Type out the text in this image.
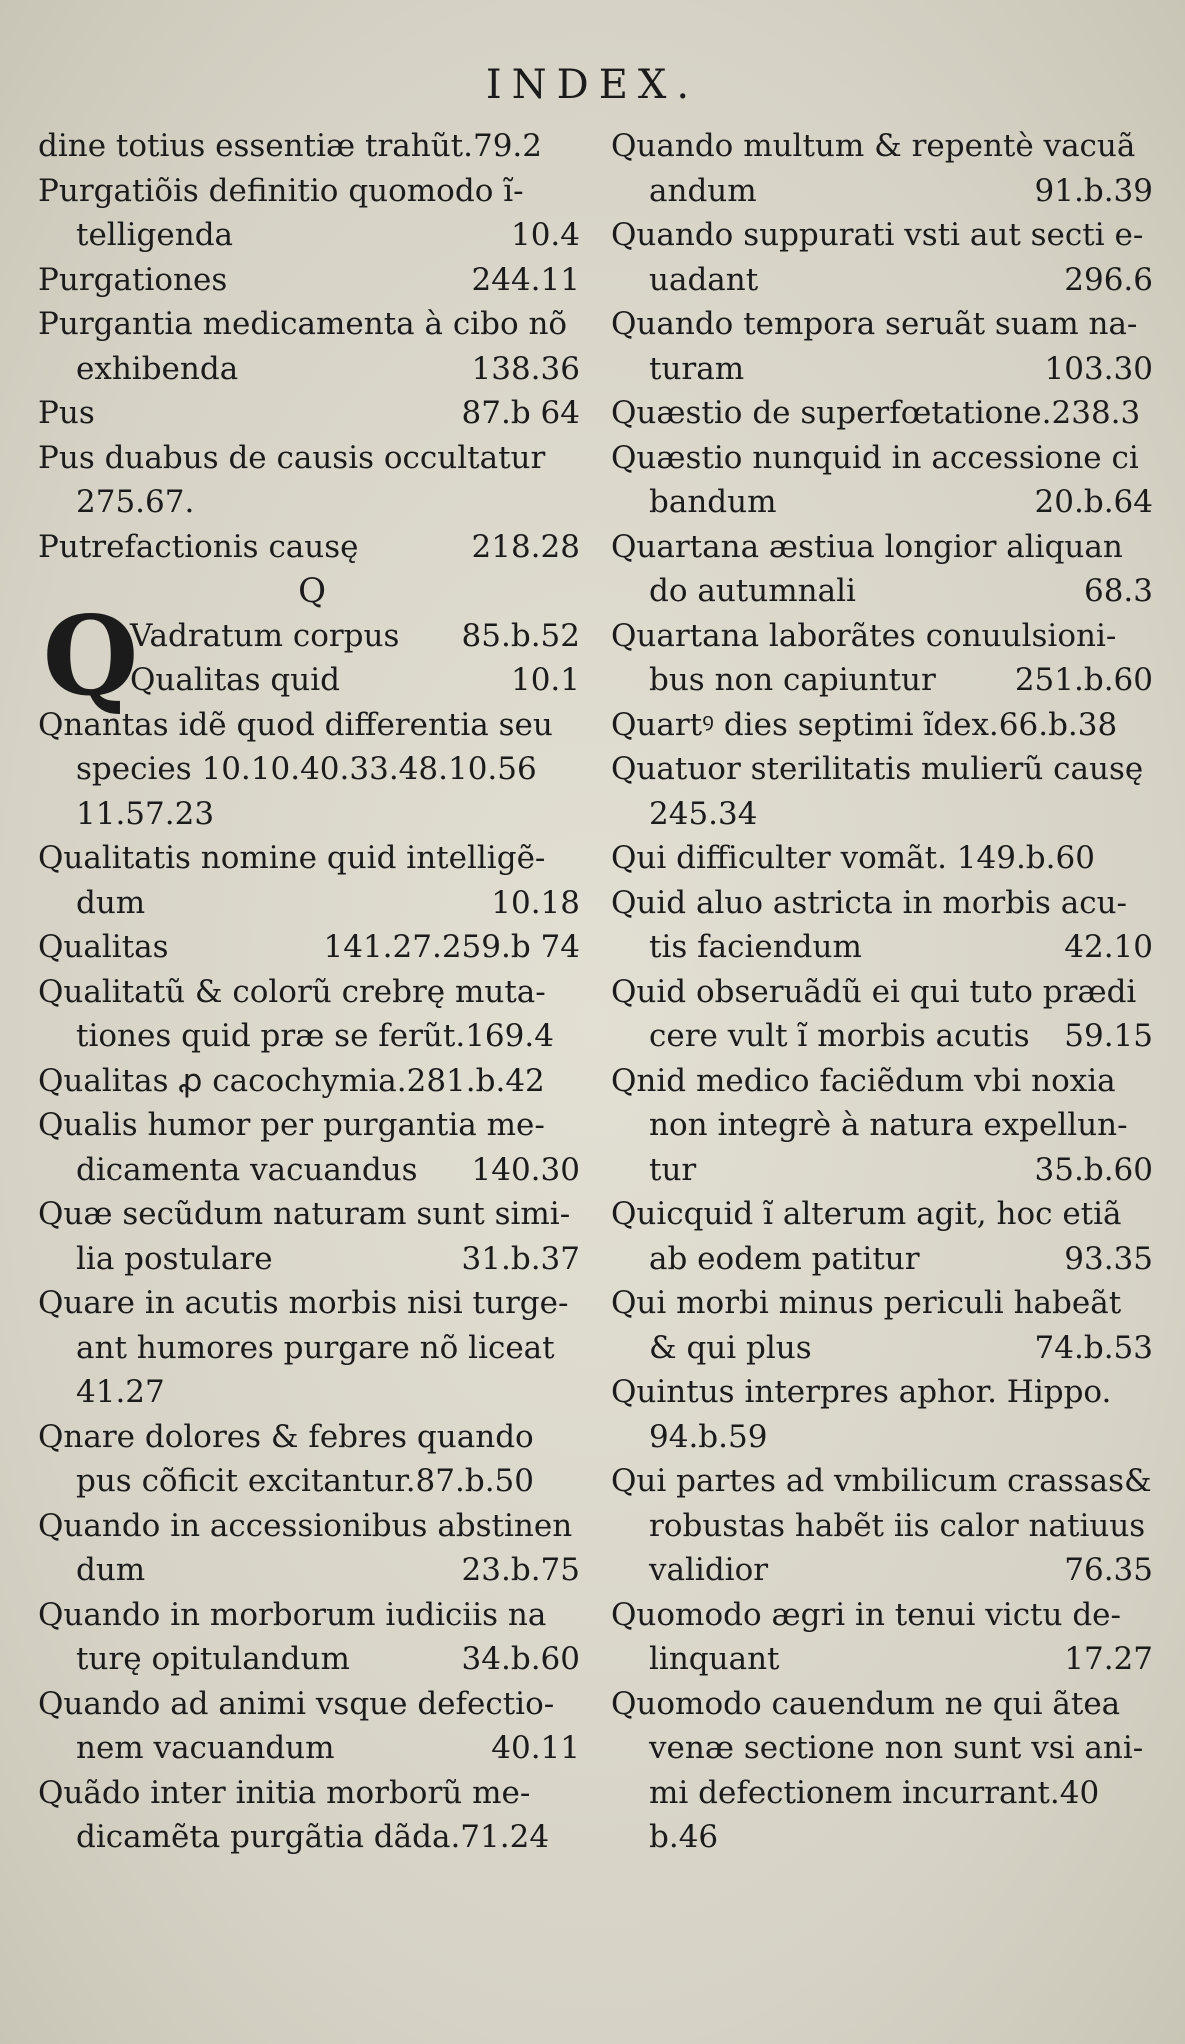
INDEX.
dine totius essentiæ trahũt.79.2
Purgatiõis definitio quomodo ĩ-
telligenda	10.4
Purgationes	244.11
Purgantia medicamenta à cibo nõ
exhibenda	138.36
Pus	87.b 64
Pus duabus de causis occultatur
275.67.
Putrefactionis causę	218.28
Q
Q
Vadratum corpus 85.b.52
Qualitas quid	10.1
Qnantas idẽ quod differentia seu
species 10.10.40.33.48.10.56
11.57.23
Qualitatis nomine quid intelligẽ-
dum	10.18
Qualitas	141.27.259.b 74
Qualitatũ & colorũ crebrę muta-
tiones quid præ se ferũt.169.4
Qualitas ꝓ cacochymia.281.b.42
Qualis humor per purgantia me-
dicamenta vacuandus 140.30
Quæ secũdum naturam sunt simi-
lia postulare	31.b.37
Quare in acutis morbis nisi turge-
ant humores purgare nõ liceat
41.27
Qnare dolores & febres quando
pus cõficit excitantur.87.b.50
Quando in accessionibus abstinen
dum	23.b.75
Quando in morborum iudiciis na
turę opitulandum	34.b.60
Quando ad animi vsque defectio-
nem vacuandum	40.11
Quãdo inter initia morborũ me-
dicamẽta purgãtia dãda.71.24
Quando multum & repentè vacuã
andum	91.b.39
Quando suppurati vsti aut secti e-
uadant	296.6
Quando tempora seruãt suam na-
turam	103.30
Quæstio de superfœtatione.238.3
Quæstio nunquid in accessione ci
bandum	20.b.64
Quartana æstiua longior aliquan
do autumnali	68.3
Quartana laborãtes conuulsioni-
bus non capiuntur	251.b.60
Quartꝰ dies septimi ĩdex.66.b.38
Quatuor sterilitatis mulierũ causę
245.34
Qui difficulter vomãt. 149.b.60
Quid aluo astricta in morbis acu-
tis faciendum	42.10
Quid obseruãdũ ei qui tuto prædi
cere vult ĩ morbis acutis 59.15
Qnid medico faciẽdum vbi noxia
non integrè à natura expellun-
tur	35.b.60
Quicquid ĩ alterum agit, hoc etiã
ab eodem patitur	93.35
Qui morbi minus periculi habeãt
& qui plus	74.b.53
Quintus interpres aphor. Hippo.
94.b.59
Qui partes ad vmbilicum crassas&
robustas habẽt iis calor natiuus
validior	76.35
Quomodo ægri in tenui victu de-
linquant	17.27
Quomodo cauendum ne qui ãtea
venæ sectione non sunt vsi ani-
mi defectionem incurrant.40
b.46
